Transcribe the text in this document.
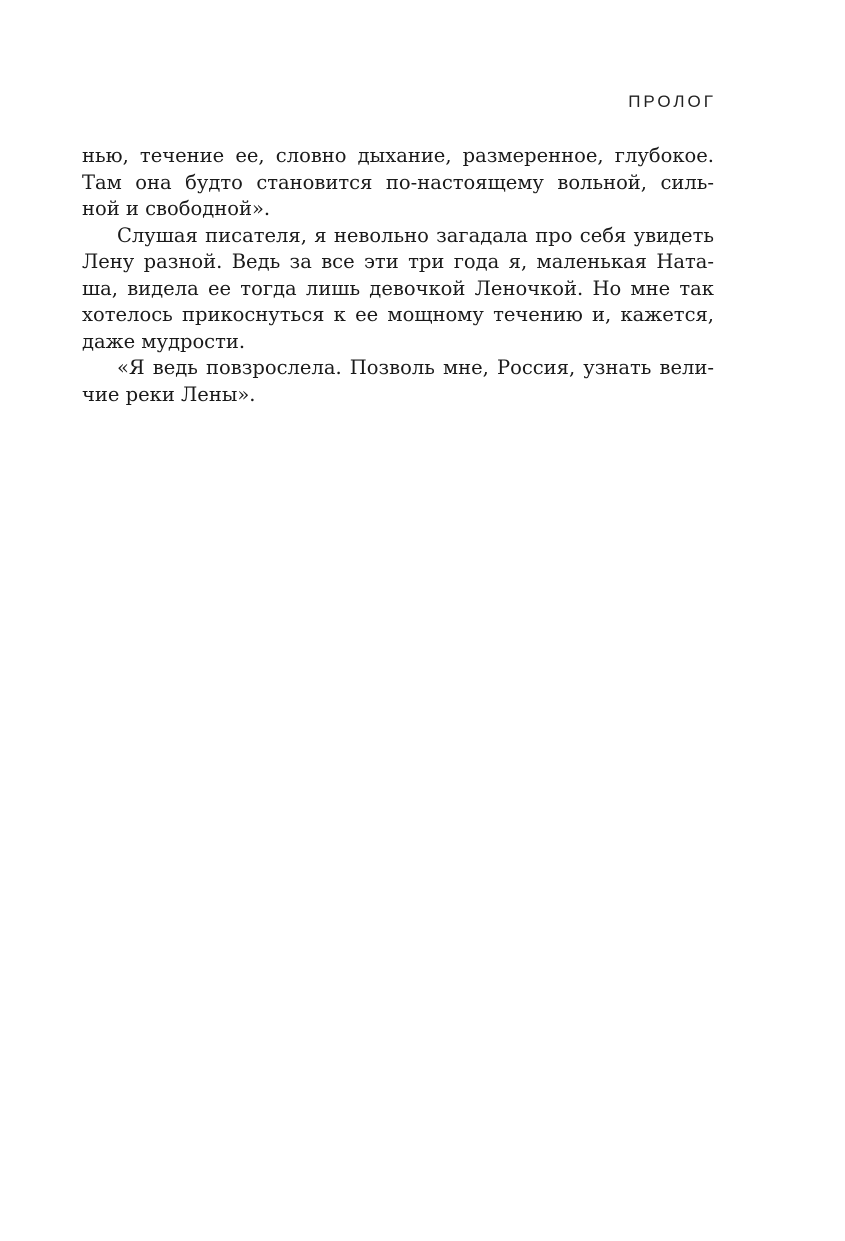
ПРОЛОГ
нью, течение ее, словно дыхание, размеренное, глубокое.
Там она будто становится по-настоящему вольной, силь-
ной и свободной».
Слушая писателя, я невольно загадала про себя увидеть
Лену разной. Ведь за все эти три года я, маленькая Ната-
ша, видела ее тогда лишь девочкой Леночкой. Но мне так
хотелось прикоснуться к ее мощному течению и, кажется,
даже мудрости.
«Я ведь повзрослела. Позволь мне, Россия, узнать вели-
чие реки Лены».
